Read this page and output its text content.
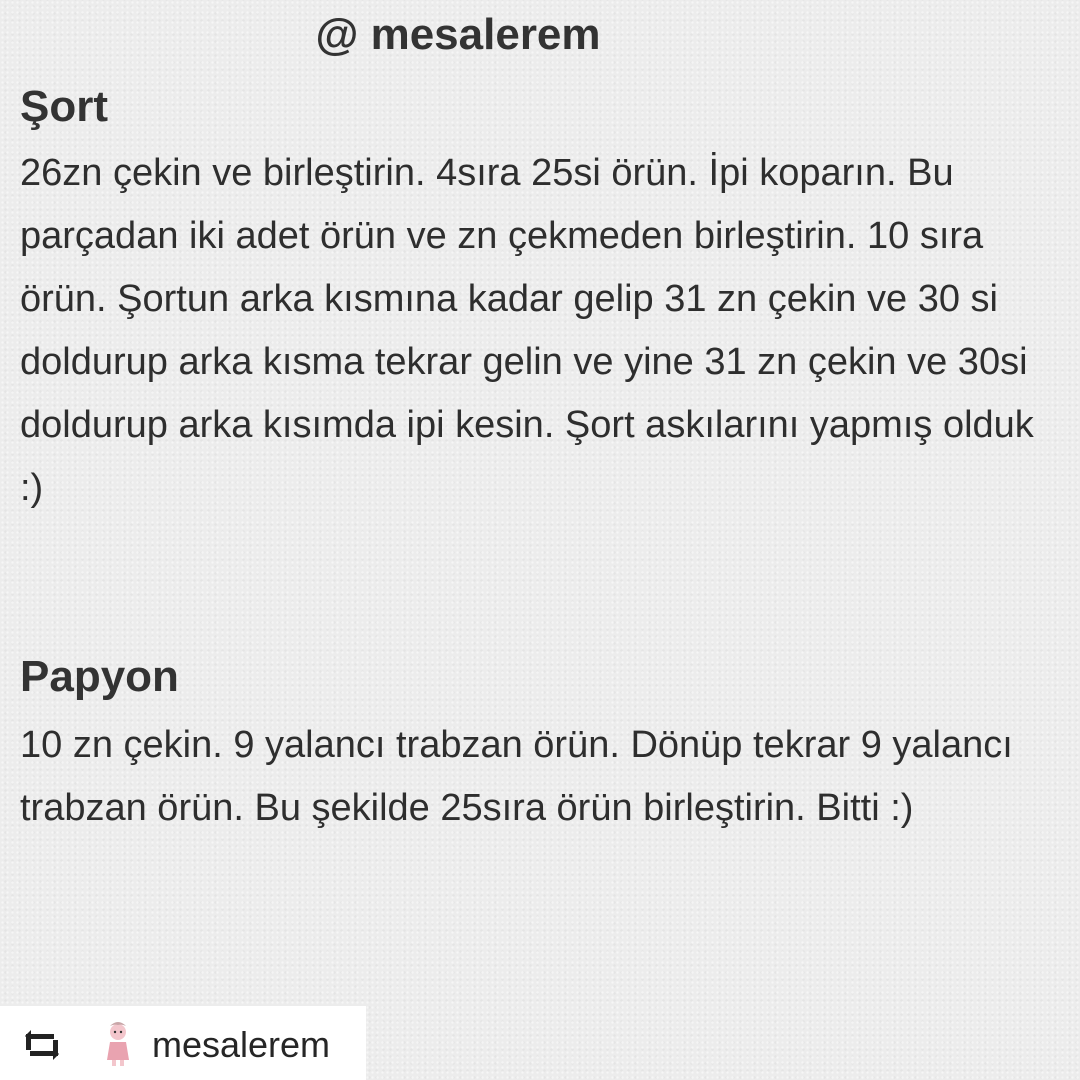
@ mesalerem

Şort

26zn çekin ve birleştirin. 4sıra 25si örün. İpi koparın. Bu parçadan iki adet örün ve zn çekmeden birleştirin. 10 sıra örün. Şortun arka kısmına kadar gelip 31 zn çekin ve 30 si doldurup arka kısma tekrar gelin ve yine 31 zn çekin ve 30si doldurup arka kısımda ipi kesin. Şort askılarını yapmış olduk :)

Papyon

10 zn çekin. 9 yalancı trabzan örün. Dönüp tekrar 9 yalancı trabzan örün. Bu şekilde 25sıra örün birleştirin. Bitti :)

mesalerem
